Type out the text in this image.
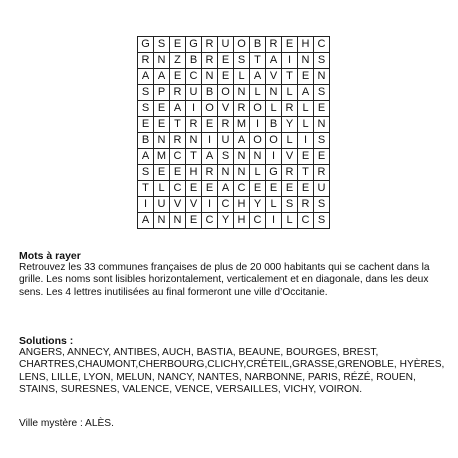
G	S	E	G	R	U	O	B	R	E	H	C
R	N	Z	B	R	E	S	T	A	I	N	S
A	A	E	C	N	E	L	A	V	T	E	N
S	P	R	U	B	O	N	L	N	L	A	S
S	E	A	I	O	V	R	O	L	R	L	E
E	E	T	R	E	R	M	I	B	Y	L	N
B	N	R	N	I	U	A	O	O	L	I	S
A	M	C	T	A	S	N	N	I	V	E	E
S	E	E	H	R	N	N	L	G	R	T	R
T	L	C	E	E	A	C	E	E	E	E	U
I	U	V	V	I	C	H	Y	L	S	R	S
A	N	N	E	C	Y	H	C	I	L	C	S
Mots à rayer
Retrouvez les 33 communes françaises de plus de 20 000 habitants qui se cachent dans la grille. Les noms sont lisibles horizontalement, verticalement et en diagonale, dans les deux sens. Les 4 lettres inutilisées au final formeront une ville d’Occitanie.
Solutions :
ANGERS, ANNECY, ANTIBES, AUCH, BASTIA, BEAUNE, BOURGES, BREST, CHARTRES,CHAUMONT,CHERBOURG,CLICHY,CRÉTEIL,GRASSE,GRENOBLE, HYÈRES, LENS, LILLE, LYON, MELUN, NANCY, NANTES, NARBONNE, PARIS, RÉZÉ, ROUEN, STAINS, SURESNES, VALENCE, VENCE, VERSAILLES, VICHY, VOIRON.
Ville mystère : ALÈS.
